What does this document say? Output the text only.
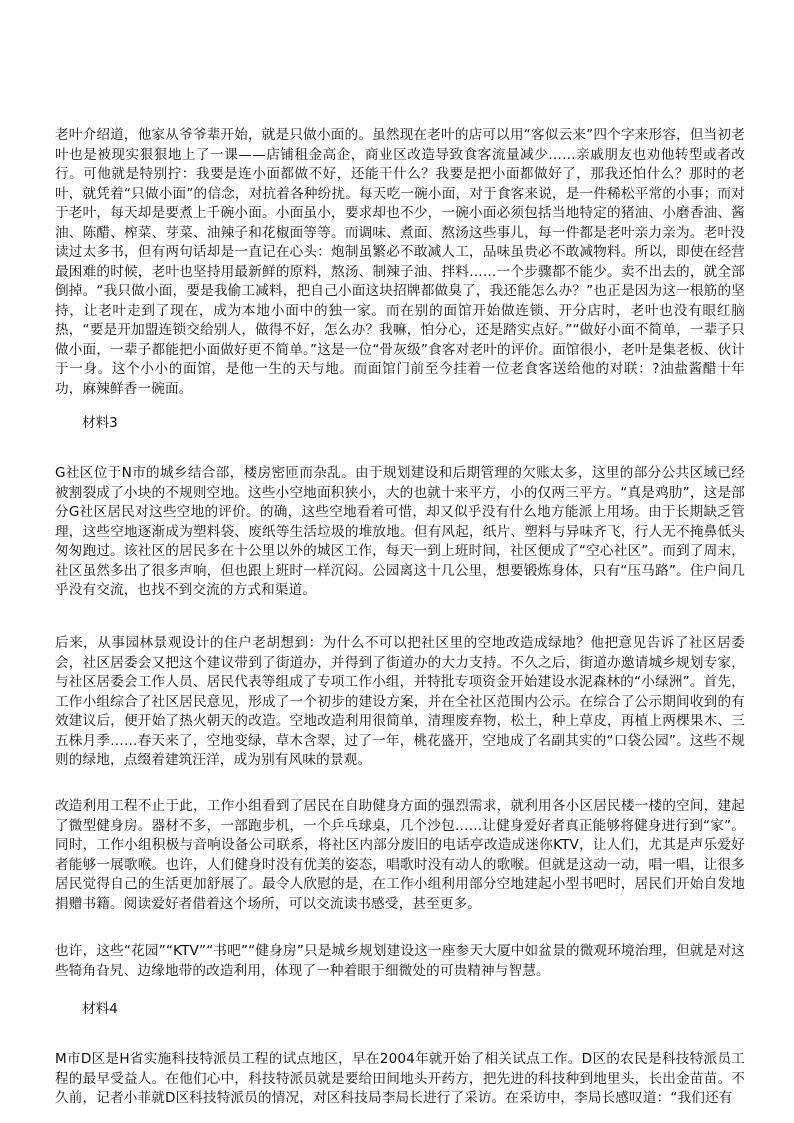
老叶介绍道，他家从爷爷辈开始，就是只做小面的。虽然现在老叶的店可以用“客似云来”四个字来形容，但当初老叶也是被现实狠狠地上了一课——店铺租金高企，商业区改造导致食客流量减少……亲戚朋友也劝他转型或者改行。可他就是特别拧：我要是连小面都做不好，还能干什么？我要是把小面都做好了，那我还怕什么？那时的老叶，就凭着“只做小面”的信念，对抗着各种纷扰。每天吃一碗小面，对于食客来说，是一件稀松平常的小事；而对于老叶，每天却是要煮上千碗小面。小面虽小，要求却也不少，一碗小面必须包括当地特定的猪油、小磨香油、酱油、陈醋、榨菜、芽菜、油辣子和花椒面等等。而调味、煮面、熬汤这些事儿，每一件都是老叶亲力亲为。老叶没读过太多书，但有两句话却是一直记在心头：炮制虽繁必不敢减人工，品味虽贵必不敢减物料。所以，即使在经营最困难的时候，老叶也坚持用最新鲜的原料，熬汤、制辣子油、拌料……一个步骤都不能少。卖不出去的，就全部倒掉。“我只做小面，要是我偷工减料，把自己小面这块招牌都做臭了，我还能怎么办？”也正是因为这一根筋的坚持，让老叶走到了现在，成为本地小面中的独一家。而在别的面馆开始做连锁、开分店时，老叶也没有眼红脑热，“要是开加盟连锁交给别人，做得不好，怎么办？我嘛，怕分心，还是踏实点好。”“做好小面不简单，一辈子只做小面，一辈子都能把小面做好更不简单。”这是一位“骨灰级”食客对老叶的评价。面馆很小，老叶是集老板、伙计于一身。这个小小的面馆，是他一生的天与地。而面馆门前至今挂着一位老食客送给他的对联：?油盐酱醋十年功，麻辣鲜香一碗面。

材料3

G社区位于N市的城乡结合部，楼房密匝而杂乱。由于规划建设和后期管理的欠账太多，这里的部分公共区域已经被割裂成了小块的不规则空地。这些小空地面积狭小，大的也就十来平方，小的仅两三平方。“真是鸡肋”，这是部分G社区居民对这些空地的评价。的确，这些空地看着可惜，却又似乎没有什么地方能派上用场。由于长期缺乏管理，这些空地逐渐成为塑料袋、废纸等生活垃圾的堆放地。但有风起，纸片、塑料与异味齐飞，行人无不掩鼻低头匆匆跑过。该社区的居民多在十公里以外的城区工作，每天一到上班时间，社区便成了“空心社区”。而到了周末，社区虽然多出了很多声响，但也跟上班时一样沉闷。公园离这十几公里，想要锻炼身体，只有“压马路”。住户间几乎没有交流，也找不到交流的方式和渠道。

后来，从事园林景观设计的住户老胡想到：为什么不可以把社区里的空地改造成绿地？他把意见告诉了社区居委会，社区居委会又把这个建议带到了街道办，并得到了街道办的大力支持。不久之后，街道办邀请城乡规划专家，与社区居委会工作人员、居民代表等组成了专项工作小组，并特批专项资金开始建设水泥森林的“小绿洲”。首先，工作小组综合了社区居民意见，形成了一个初步的建设方案，并在全社区范围内公示。在综合了公示期间收到的有效建议后，便开始了热火朝天的改造。空地改造利用很简单，清理废弃物，松土，种上草皮，再植上两棵果木、三五株月季……春天来了，空地变绿，草木含翠，过了一年，桃花盛开，空地成了名副其实的“口袋公园”。这些不规则的绿地，点缀着建筑汪洋，成为别有风味的景观。

改造利用工程不止于此，工作小组看到了居民在自助健身方面的强烈需求，就利用各小区居民楼一楼的空间，建起了微型健身房。器材不多，一部跑步机，一个乒乓球桌，几个沙包……让健身爱好者真正能够将健身进行到“家”。同时，工作小组积极与音响设备公司联系，将社区内部分废旧的电话亭改造成迷你KTV，让人们，尤其是声乐爱好者能够一展歌喉。也许，人们健身时没有优美的姿态，唱歌时没有动人的歌喉。但就是这动一动，唱一唱，让很多居民觉得自己的生活更加舒展了。最令人欣慰的是，在工作小组利用部分空地建起小型书吧时，居民们开始自发地捐赠书籍。阅读爱好者借着这个场所，可以交流读书感受，甚至更多。

也许，这些“花园”“KTV”“书吧”“健身房”只是城乡规划建设这一座参天大厦中如盆景的微观环境治理，但就是对这些犄角旮旯、边缘地带的改造利用，体现了一种着眼于细微处的可贵精神与智慧。

材料4

M市D区是H省实施科技特派员工程的试点地区，早在2004年就开始了相关试点工作。D区的农民是科技特派员工程的最早受益人。在他们心中，科技特派员就是要给田间地头开药方，把先进的科技种到地里头，长出金苗苗。不久前，记者小菲就D区科技特派员的情况，对区科技局李局长进行了采访。在采访中，李局长感叹道：“我们还有
